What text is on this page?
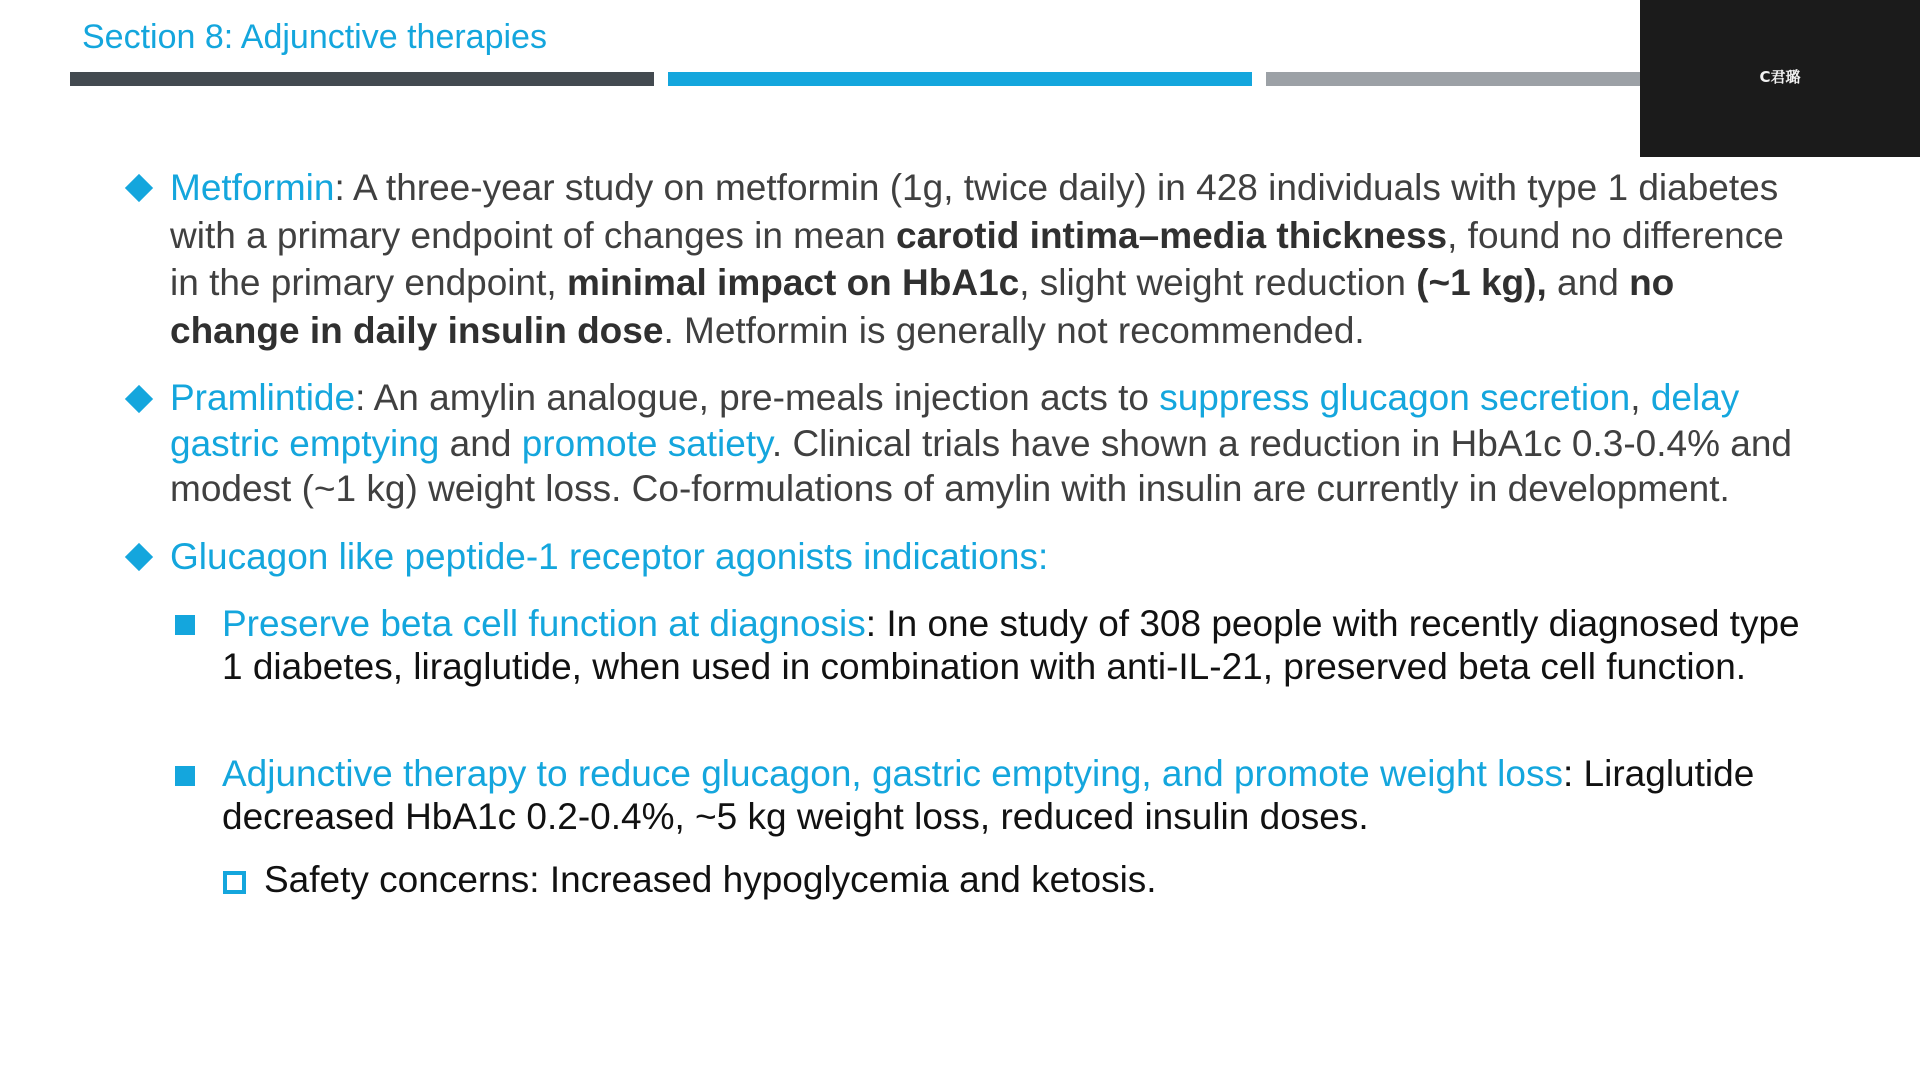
Section 8: Adjunctive therapies
C君璐
Metformin: A three-year study on metformin (1g, twice daily) in 428 individuals with type 1 diabetes with a primary endpoint of changes in mean carotid intima–media thickness, found no difference in the primary endpoint, minimal impact on HbA1c, slight weight reduction (~1 kg), and no change in daily insulin dose. Metformin is generally not recommended.
Pramlintide: An amylin analogue, pre-meals injection acts to suppress glucagon secretion, delay gastric emptying and promote satiety. Clinical trials have shown a reduction in HbA1c 0.3-0.4% and modest (~1 kg) weight loss. Co-formulations of amylin with insulin are currently in development.
Glucagon like peptide-1 receptor agonists indications:
Preserve beta cell function at diagnosis: In one study of 308 people with recently diagnosed type 1 diabetes, liraglutide, when used in combination with anti-IL-21, preserved beta cell function.
Adjunctive therapy to reduce glucagon, gastric emptying, and promote weight loss: Liraglutide decreased HbA1c 0.2-0.4%, ~5 kg weight loss, reduced insulin doses.
Safety concerns: Increased hypoglycemia and ketosis.
